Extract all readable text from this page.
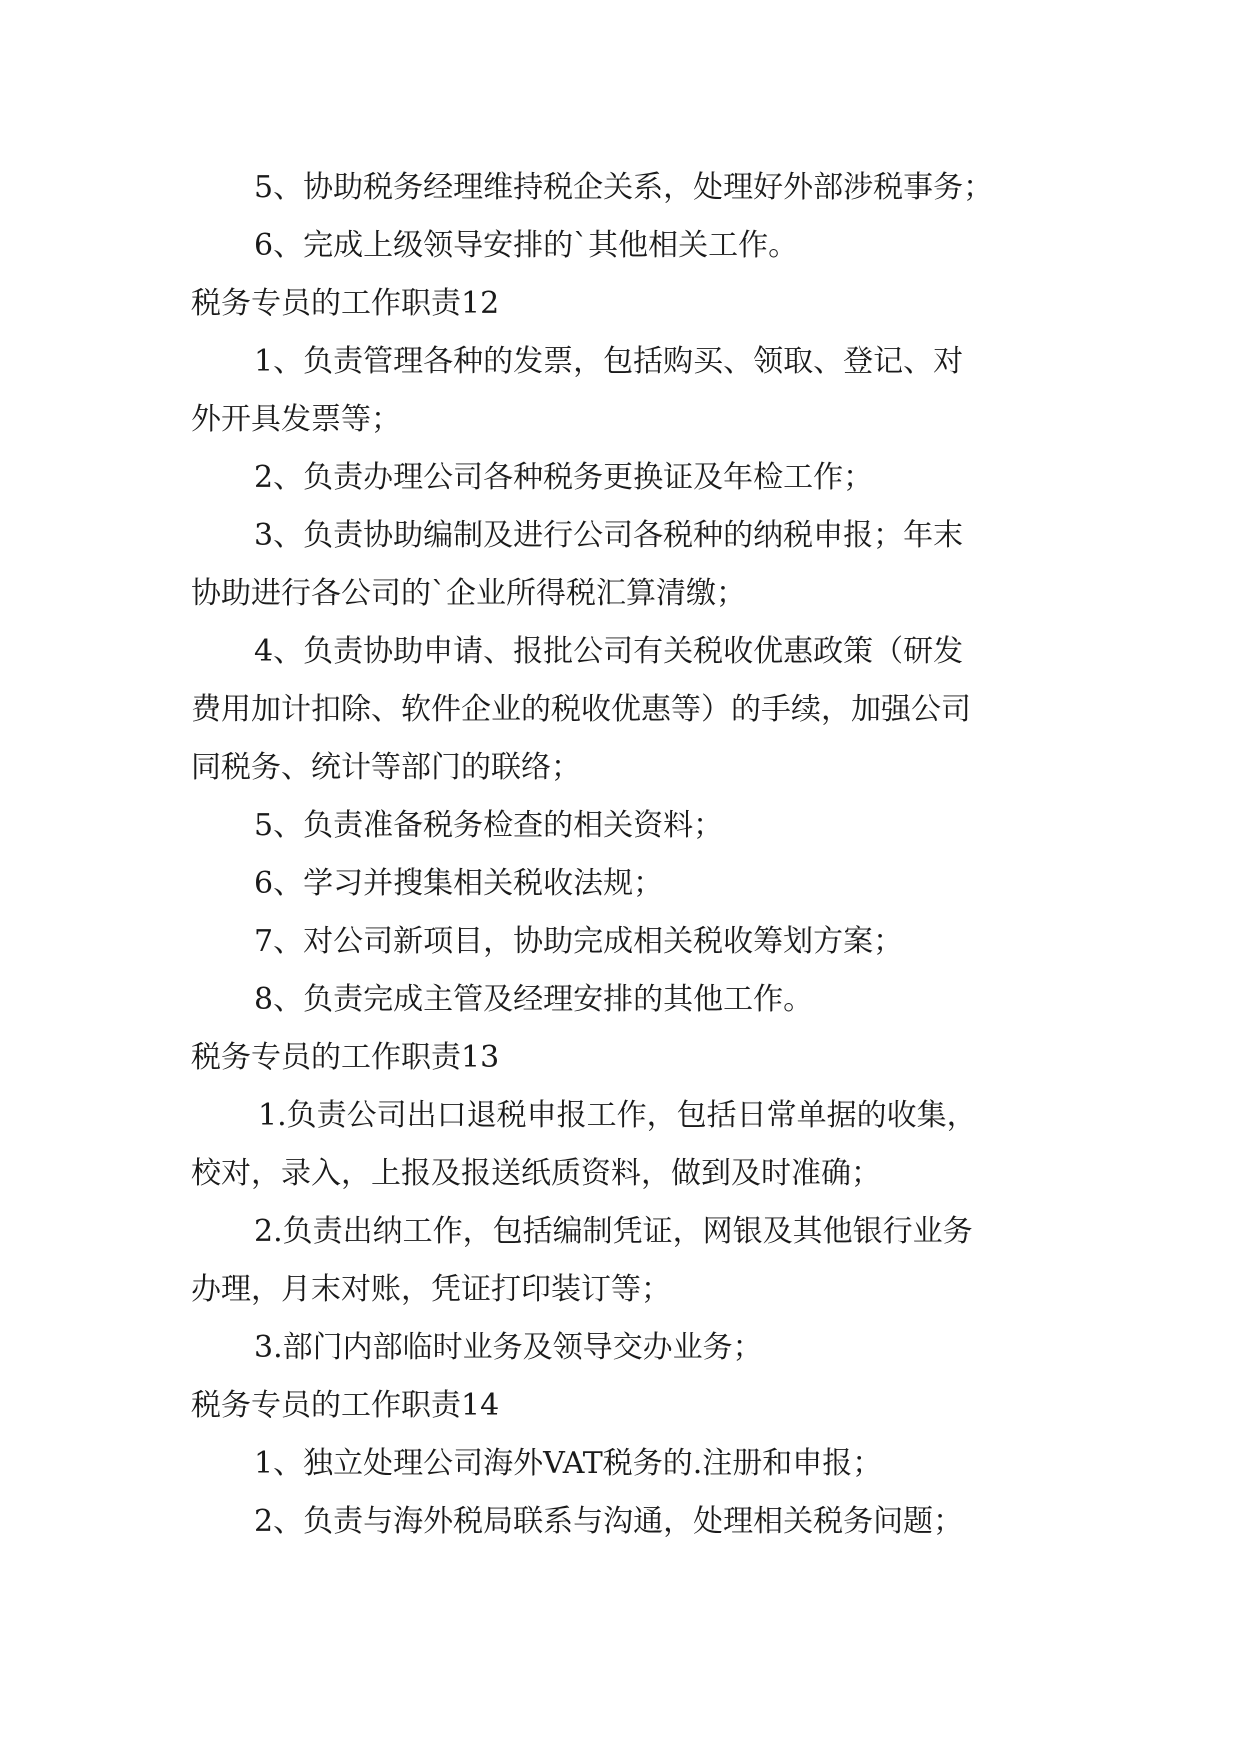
5、协助税务经理维持税企关系，处理好外部涉税事务；
6、完成上级领导安排的`其他相关工作。
税务专员的工作职责12
1、负责管理各种的发票，包括购买、领取、登记、对
外开具发票等；
2、负责办理公司各种税务更换证及年检工作；
3、负责协助编制及进行公司各税种的纳税申报；年末
协助进行各公司的`企业所得税汇算清缴；
4、负责协助申请、报批公司有关税收优惠政策（研发
费用加计扣除、软件企业的税收优惠等）的手续，加强公司
同税务、统计等部门的联络；
5、负责准备税务检查的相关资料；
6、学习并搜集相关税收法规；
7、对公司新项目，协助完成相关税收筹划方案；
8、负责完成主管及经理安排的其他工作。
税务专员的工作职责13
1.负责公司出口退税申报工作，包括日常单据的收集，
校对，录入，上报及报送纸质资料，做到及时准确；
2.负责出纳工作，包括编制凭证，网银及其他银行业务
办理，月末对账，凭证打印装订等；
3.部门内部临时业务及领导交办业务；
税务专员的工作职责14
1、独立处理公司海外VAT税务的.注册和申报；
2、负责与海外税局联系与沟通，处理相关税务问题；
